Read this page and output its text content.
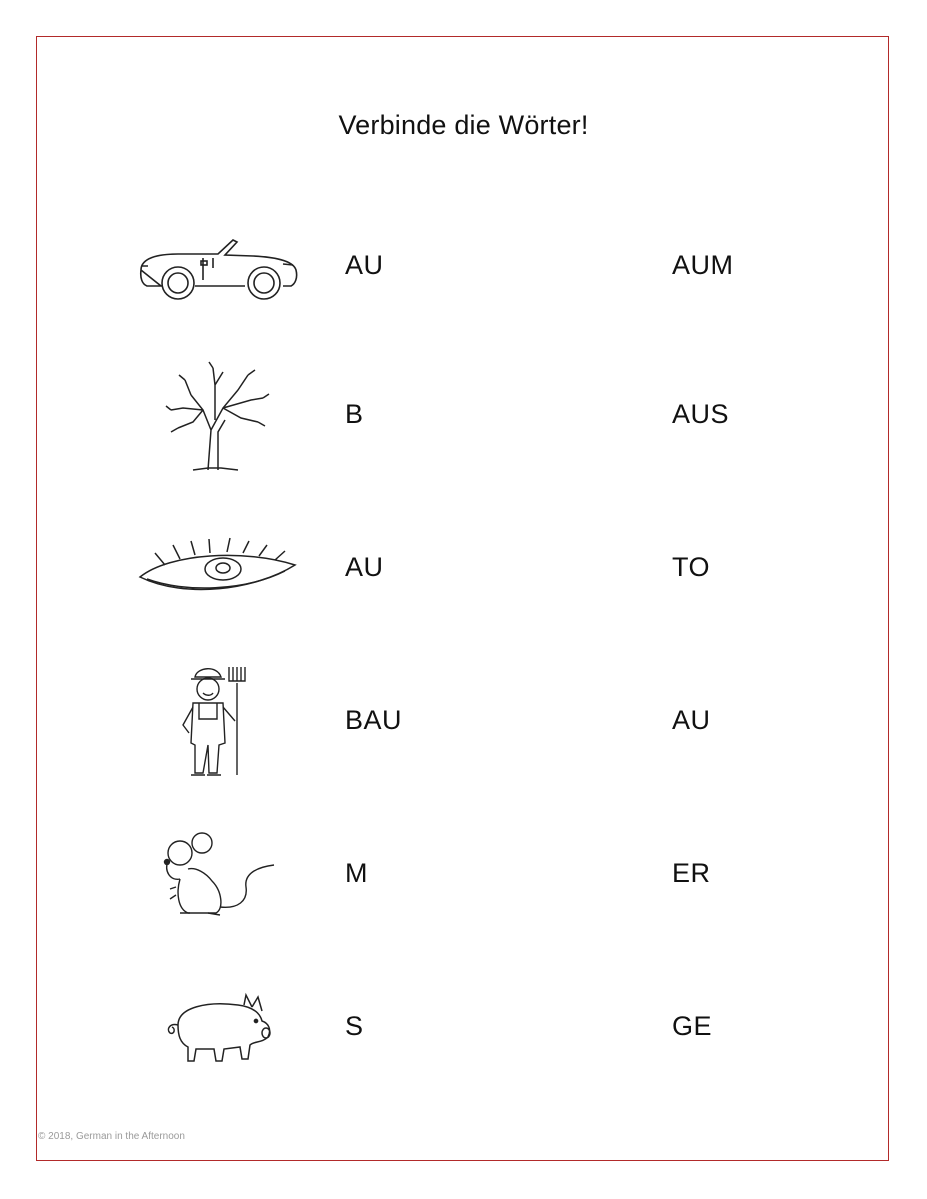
Verbinde die Wörter!
AU	AUM
B	AUS
AU	TO
BAU	AU
M	ER
S	GE
© 2018, German in the Afternoon
